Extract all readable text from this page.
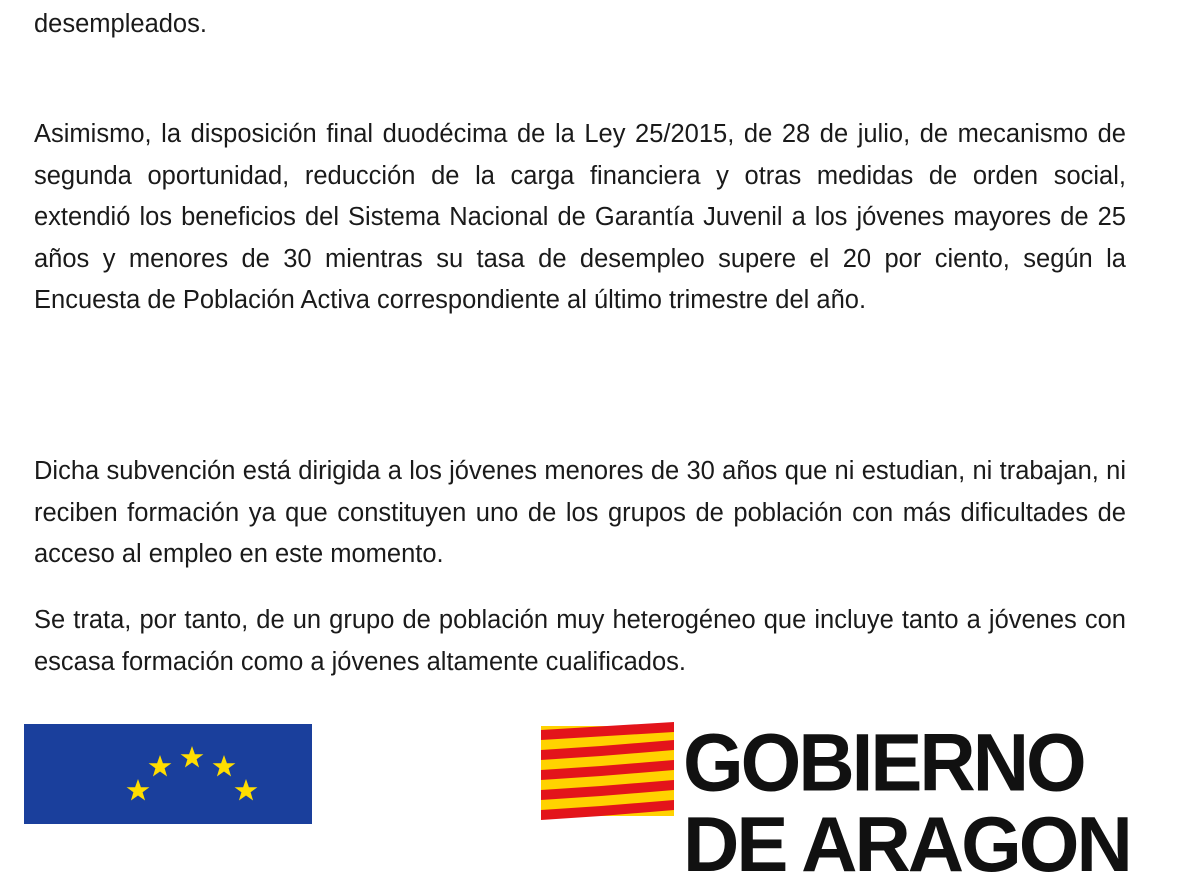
desempleados.

Asimismo, la disposición final duodécima de la Ley 25/2015, de 28 de julio, de mecanismo de segunda oportunidad, reducción de la carga financiera y otras medidas de orden social, extendió los beneficios del Sistema Nacional de Garantía Juvenil a los jóvenes mayores de 25 años y menores de 30 mientras su tasa de desempleo supere el 20 por ciento, según la Encuesta de Población Activa correspondiente al último trimestre del año.

Dicha subvención está dirigida a los jóvenes menores de 30 años que ni estudian, ni trabajan, ni reciben formación ya que constituyen uno de los grupos de población con más dificultades de acceso al empleo en este momento.

Se trata, por tanto, de un grupo de población muy heterogéneo que incluye tanto a jóvenes con escasa formación como a jóvenes altamente cualificados.

GOBIERNO
DE ARAGON
